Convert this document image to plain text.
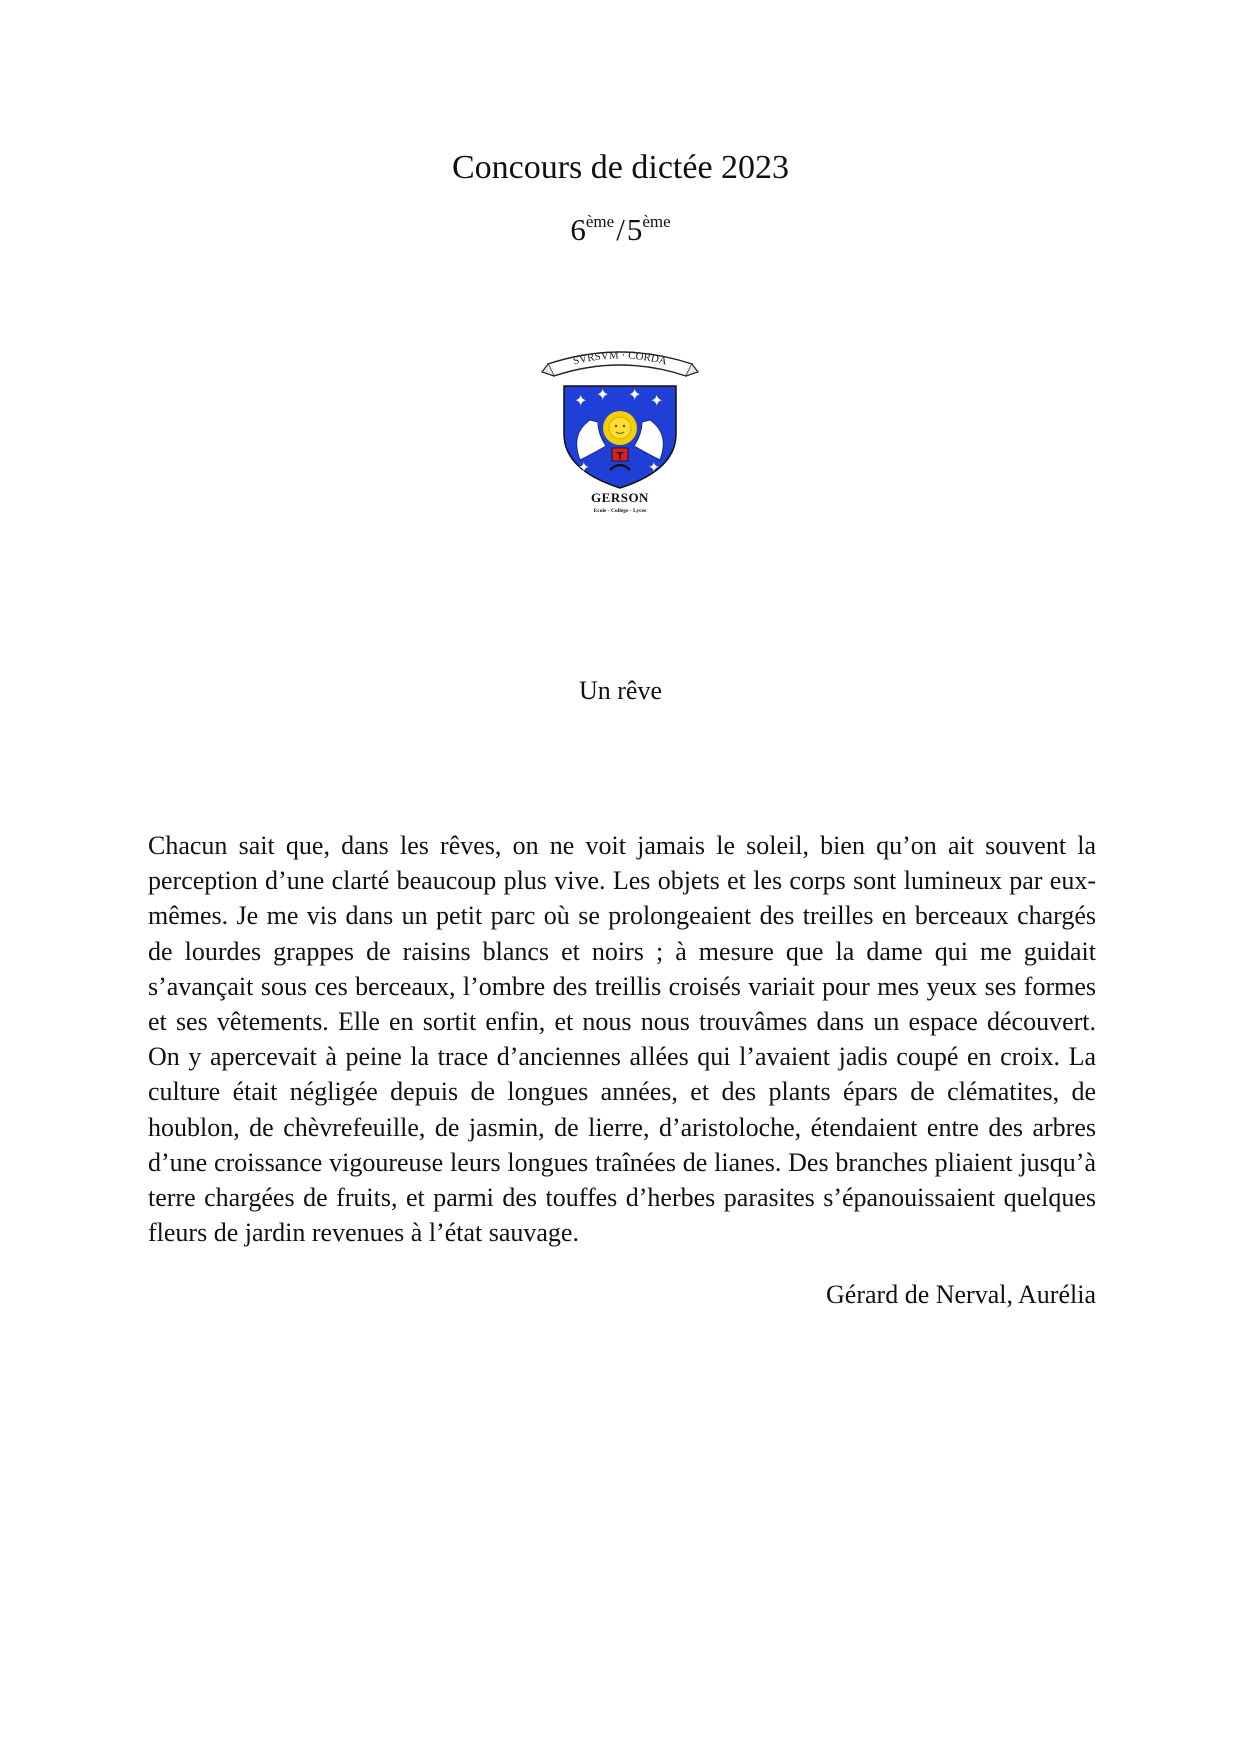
Concours de dictée 2023
6ème/5ème
SVRSVM · CORDA
✦ ✦ ✦ ✦
✦	✦
T
GERSON
Ecole - Collège - Lycée
Un rêve

Chacun sait que, dans les rêves, on ne voit jamais le soleil, bien qu’on ait souvent la perception d’une clarté beaucoup plus vive. Les objets et les corps sont lumineux par eux-mêmes. Je me vis dans un petit parc où se prolongeaient des treilles en berceaux chargés de lourdes grappes de raisins blancs et noirs ; à mesure que la dame qui me guidait s’avançait sous ces berceaux, l’ombre des treillis croisés variait pour mes yeux ses formes et ses vêtements. Elle en sortit enfin, et nous nous trouvâmes dans un espace découvert. On y apercevait à peine la trace d’anciennes allées qui l’avaient jadis coupé en croix. La culture était négligée depuis de longues années, et des plants épars de clématites, de houblon, de chèvrefeuille, de jasmin, de lierre, d’aristoloche, étendaient entre des arbres d’une croissance vigoureuse leurs longues traînées de lianes. Des branches pliaient jusqu’à terre chargées de fruits, et parmi des touffes d’herbes parasites s’épanouissaient quelques fleurs de jardin revenues à l’état sauvage.

Gérard de Nerval, Aurélia
